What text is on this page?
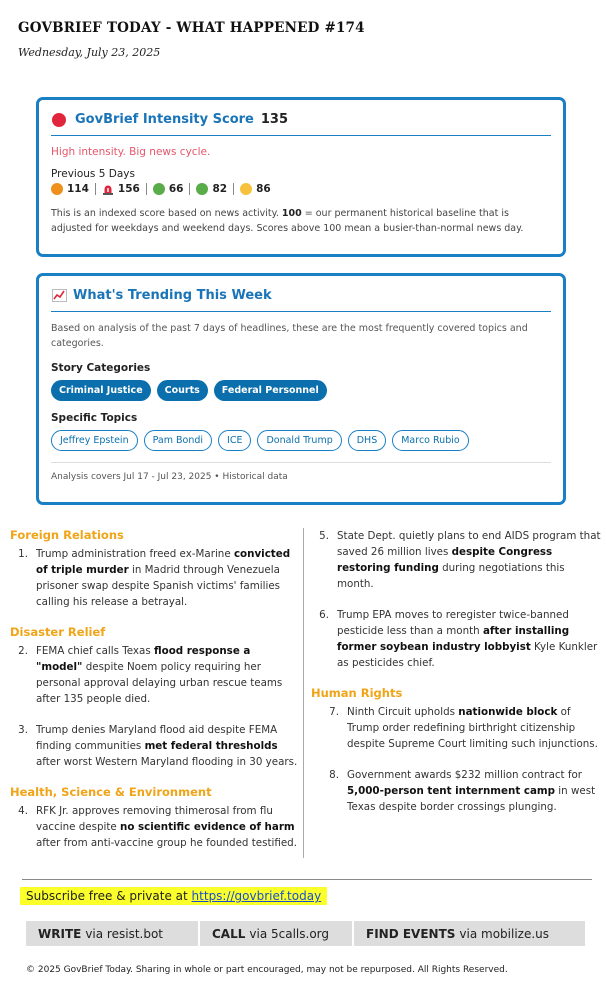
GOVBRIEF TODAY - WHAT HAPPENED #174
Wednesday, July 23, 2025
GovBrief Intensity Score 135
High intensity. Big news cycle.
Previous 5 Days
114	156	66	82	86
This is an indexed score based on news activity. 100 = our permanent historical baseline that is adjusted for weekdays and weekend days. Scores above 100 mean a busier-than-normal news day.
What's Trending This Week
Based on analysis of the past 7 days of headlines, these are the most frequently covered topics and categories.
Story Categories
Criminal Justice	Courts	Federal Personnel
Specific Topics
Jeffrey Epstein	Pam Bondi	ICE	Donald Trump	DHS	Marco Rubio
Analysis covers Jul 17 - Jul 23, 2025 • Historical data
Foreign Relations
1. Trump administration freed ex-Marine convicted of triple murder in Madrid through Venezuela prisoner swap despite Spanish victims' families calling his release a betrayal.
Disaster Relief
2. FEMA chief calls Texas flood response a "model" despite Noem policy requiring her personal approval delaying urban rescue teams after 135 people died.
3. Trump denies Maryland flood aid despite FEMA finding communities met federal thresholds after worst Western Maryland flooding in 30 years.
Health, Science & Environment
4. RFK Jr. approves removing thimerosal from flu vaccine despite no scientific evidence of harm after from anti-vaccine group he founded testified.
5. State Dept. quietly plans to end AIDS program that saved 26 million lives despite Congress restoring funding during negotiations this month.
6. Trump EPA moves to reregister twice-banned pesticide less than a month after installing former soybean industry lobbyist Kyle Kunkler as pesticides chief.
Human Rights
7. Ninth Circuit upholds nationwide block of Trump order redefining birthright citizenship despite Supreme Court limiting such injunctions.
8. Government awards $232 million contract for 5,000-person tent internment camp in west Texas despite border crossings plunging.
Subscribe free & private at https://govbrief.today
WRITE via resist.bot	CALL via 5calls.org	FIND EVENTS via mobilize.us
© 2025 GovBrief Today. Sharing in whole or part encouraged, may not be repurposed. All Rights Reserved.
